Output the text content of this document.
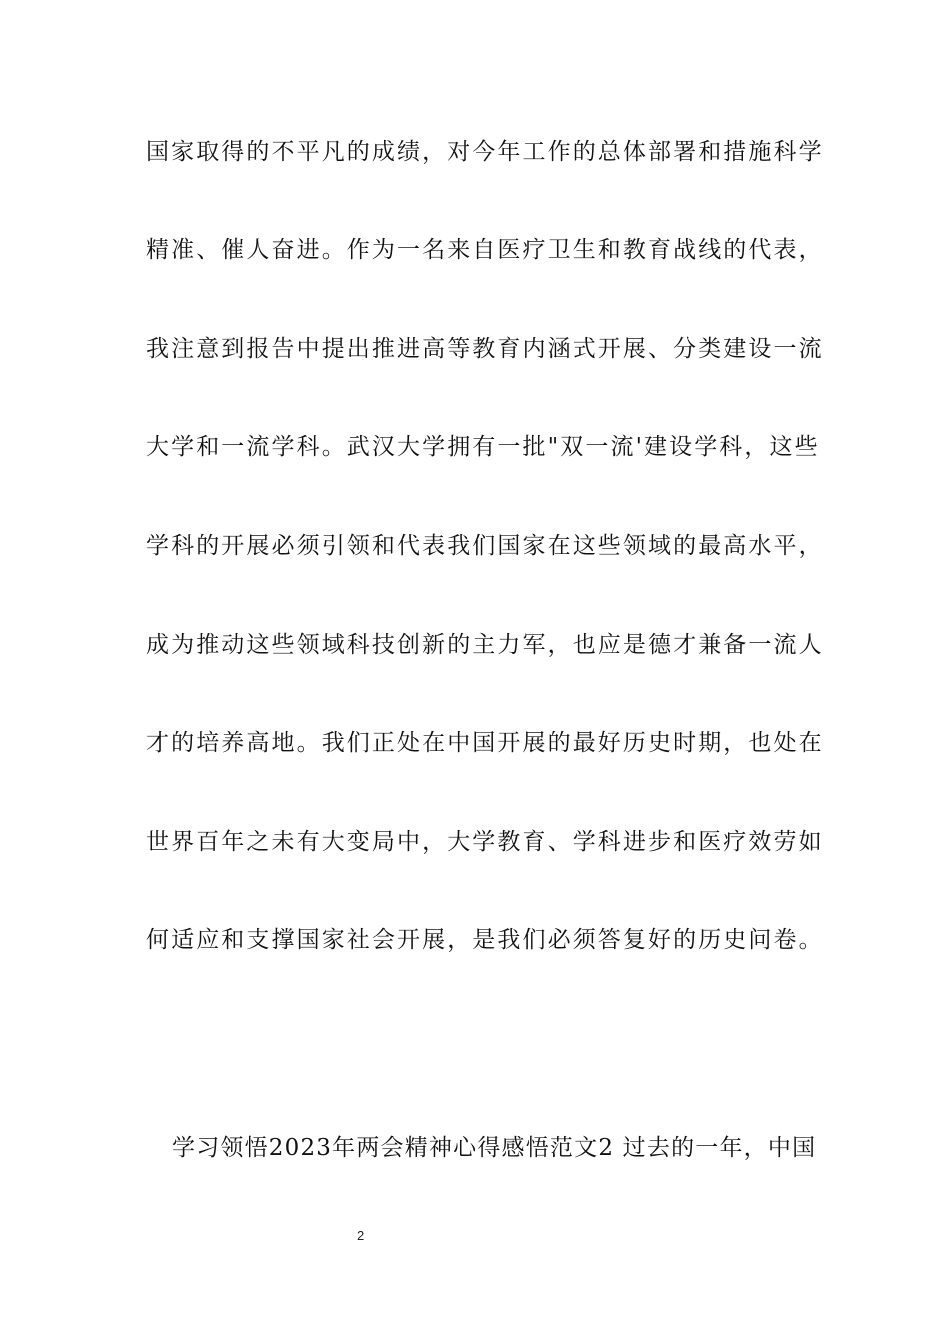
国家取得的不平凡的成绩，对今年工作的总体部署和措施科学
精准、催人奋进。作为一名来自医疗卫生和教育战线的代表，
我注意到报告中提出推进高等教育内涵式开展、分类建设一流
大学和一流学科。武汉大学拥有一批"双一流'建设学科，这些
学科的开展必须引领和代表我们国家在这些领域的最高水平，
成为推动这些领域科技创新的主力军，也应是德才兼备一流人
才的培养高地。我们正处在中国开展的最好历史时期，也处在
世界百年之未有大变局中，大学教育、学科进步和医疗效劳如
何适应和支撑国家社会开展，是我们必须答复好的历史问卷。
学习领悟2023年两会精神心得感悟范文2 过去的一年，中国
2
